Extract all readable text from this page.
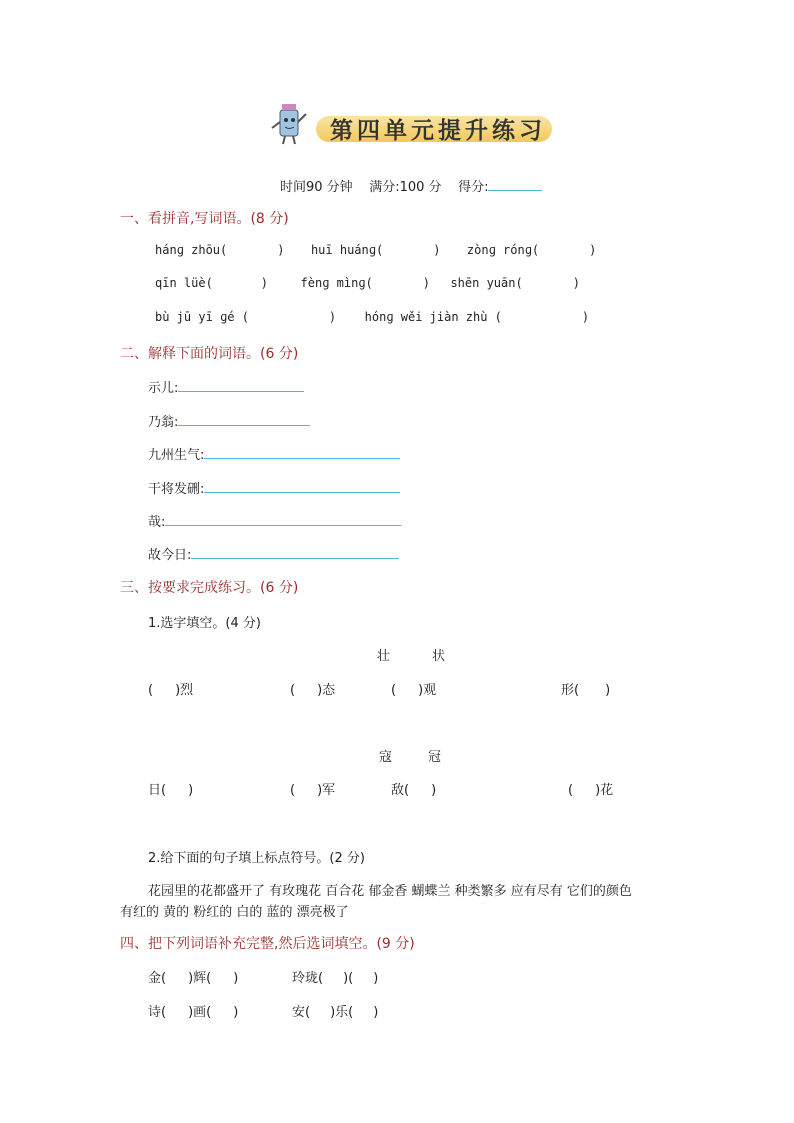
第四单元提升练习
时间90 分钟 满分:100 分 得分:
一、看拼音,写词语。(8 分)
hánɡ zhōu(	) huī huánɡ(	) zònɡ rónɡ(	)
qīn lüè(	)	fènɡ mìnɡ(	) shēn yuān(	)
bù jū yī ɡé (	) hónɡ wěi jiàn zhù (	)
二、解释下面的词语。(6 分)
示儿:
乃翁:
九州生气:
干将发硎:
哉:
故今日:
三、按要求完成练习。(6 分)
1.选字填空。(4 分)
壮	状
( )烈	( )态	( )观	形( )
寇	冠
日( )	( )军	敌( )	( )花
2.给下面的句子填上标点符号。(2 分)
花园里的花都盛开了 有玫瑰花 百合花 郁金香 蝴蝶兰 种类繁多 应有尽有 它们的颜色
有红的 黄的 粉红的 白的 蓝的 漂亮极了
四、把下列词语补充完整,然后选词填空。(9 分)
金( )辉( )	玲珑( )( )
诗( )画( )	安( )乐( )
